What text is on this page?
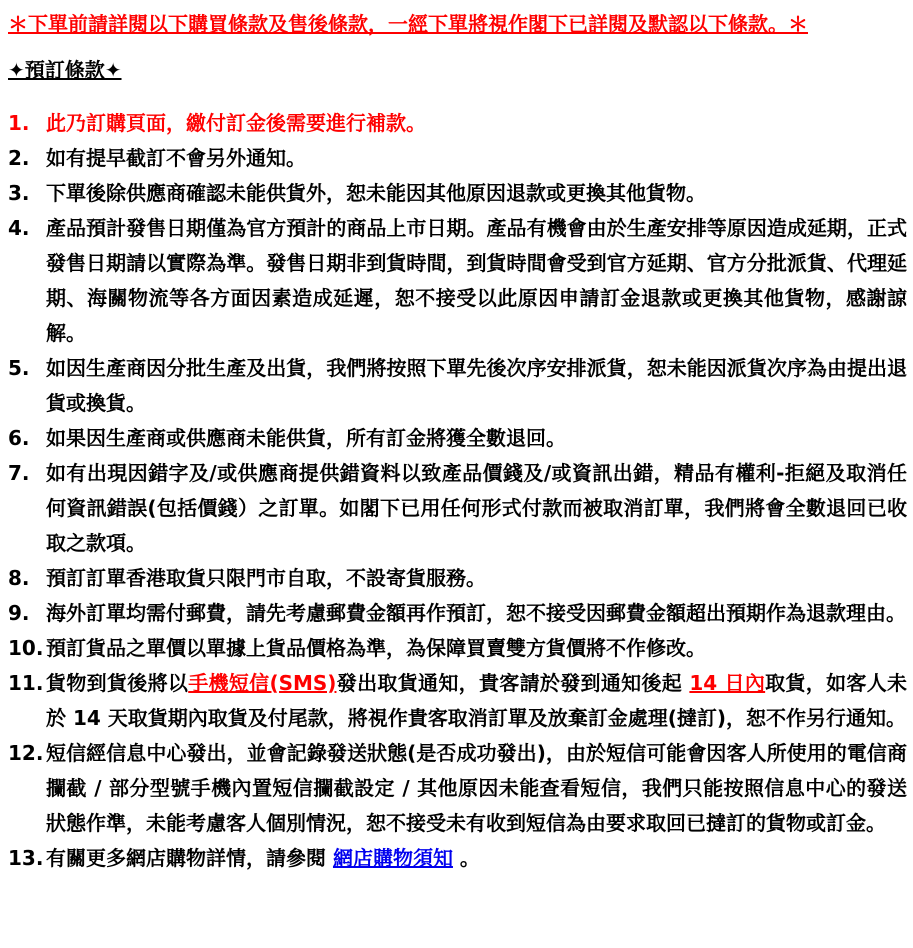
＊下單前請詳閱以下購買條款及售後條款，一經下單將視作閣下已詳閱及默認以下條款。＊
✦預訂條款✦
1. 此乃訂購頁面，繳付訂金後需要進行補款。
2. 如有提早截訂不會另外通知。
3. 下單後除供應商確認未能供貨外，恕未能因其他原因退款或更換其他貨物。
4. 產品預計發售日期僅為官方預計的商品上市日期。產品有機會由於生產安排等原因造成延期，正式發售日期請以實際為準。發售日期非到貨時間，到貨時間會受到官方延期、官方分批派貨、代理延期、海關物流等各方面因素造成延遲，恕不接受以此原因申請訂金退款或更換其他貨物，感謝諒解。
5. 如因生產商因分批生產及出貨，我們將按照下單先後次序安排派貨，恕未能因派貨次序為由提出退貨或換貨。
6. 如果因生產商或供應商未能供貨，所有訂金將獲全數退回。
7. 如有出現因錯字及/或供應商提供錯資料以致產品價錢及/或資訊出錯，精品有權利-拒絕及取消任何資訊錯誤(包括價錢）之訂單。如閣下已用任何形式付款而被取消訂單，我們將會全數退回已收取之款項。
8. 預訂訂單香港取貨只限門市自取，不設寄貨服務。
9. 海外訂單均需付郵費，請先考慮郵費金額再作預訂，恕不接受因郵費金額超出預期作為退款理由。
10. 預訂貨品之單價以單據上貨品價格為準，為保障買賣雙方貨價將不作修改。
11. 貨物到貨後將以手機短信(SMS)發出取貨通知，貴客請於發到通知後起 14 日內取貨，如客人未於 14 天取貨期內取貨及付尾款，將視作貴客取消訂單及放棄訂金處理(撻訂)，恕不作另行通知。
12. 短信經信息中心發出，並會記錄發送狀態(是否成功發出)，由於短信可能會因客人所使用的電信商攔截 / 部分型號手機內置短信攔截設定 / 其他原因未能查看短信，我們只能按照信息中心的發送狀態作準，未能考慮客人個別情況，恕不接受未有收到短信為由要求取回已撻訂的貨物或訂金。
13. 有關更多網店購物詳情，請參閱 網店購物須知 。
